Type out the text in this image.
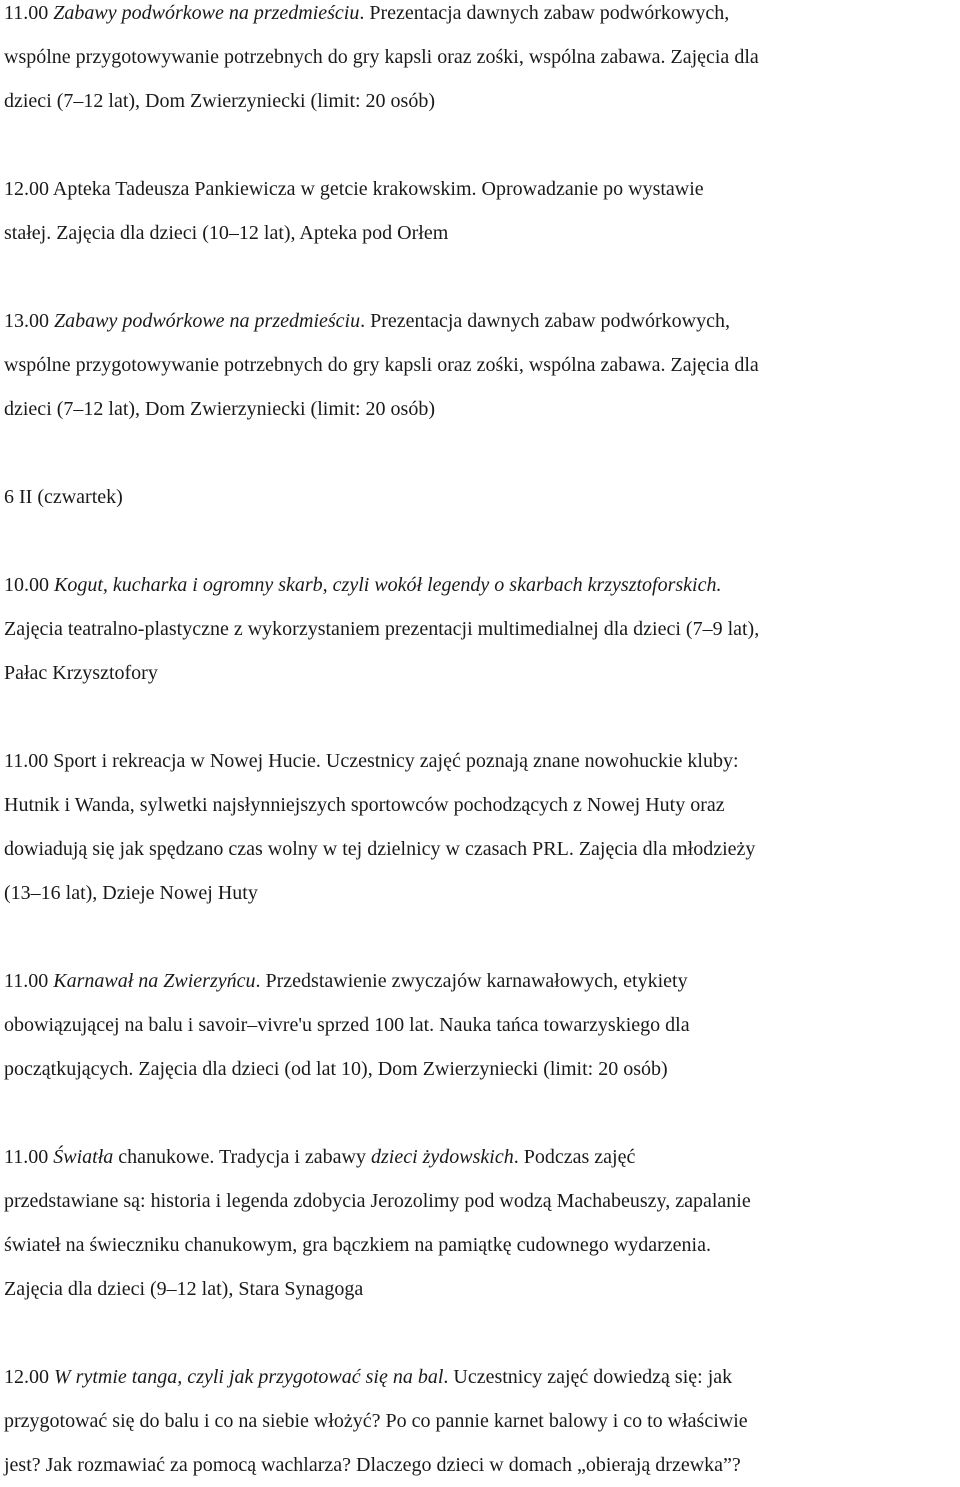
11.00 Zabawy podwórkowe na przedmieściu. Prezentacja dawnych zabaw podwórkowych,
wspólne przygotowywanie potrzebnych do gry kapsli oraz zośki, wspólna zabawa. Zajęcia dla
dzieci (7–12 lat), Dom Zwierzyniecki (limit: 20 osób)
12.00 Apteka Tadeusza Pankiewicza w getcie krakowskim. Oprowadzanie po wystawie
stałej. Zajęcia dla dzieci (10–12 lat), Apteka pod Orłem
13.00 Zabawy podwórkowe na przedmieściu. Prezentacja dawnych zabaw podwórkowych,
wspólne przygotowywanie potrzebnych do gry kapsli oraz zośki, wspólna zabawa. Zajęcia dla
dzieci (7–12 lat), Dom Zwierzyniecki (limit: 20 osób)
6 II (czwartek)
10.00 Kogut, kucharka i ogromny skarb, czyli wokół legendy o skarbach krzysztoforskich.
Zajęcia teatralno-plastyczne z wykorzystaniem prezentacji multimedialnej dla dzieci (7–9 lat),
Pałac Krzysztofory
11.00 Sport i rekreacja w Nowej Hucie. Uczestnicy zajęć poznają znane nowohuckie kluby:
Hutnik i Wanda, sylwetki najsłynniejszych sportowców pochodzących z Nowej Huty oraz
dowiadują się jak spędzano czas wolny w tej dzielnicy w czasach PRL. Zajęcia dla młodzieży
(13–16 lat), Dzieje Nowej Huty
11.00 Karnawał na Zwierzyńcu. Przedstawienie zwyczajów karnawałowych, etykiety
obowiązującej na balu i savoir–vivre'u sprzed 100 lat. Nauka tańca towarzyskiego dla
początkujących. Zajęcia dla dzieci (od lat 10), Dom Zwierzyniecki (limit: 20 osób)
11.00 Światła chanukowe. Tradycja i zabawy dzieci żydowskich. Podczas zajęć
przedstawiane są: historia i legenda zdobycia Jerozolimy pod wodzą Machabeuszy, zapalanie
świateł na świeczniku chanukowym, gra bączkiem na pamiątkę cudownego wydarzenia.
Zajęcia dla dzieci (9–12 lat), Stara Synagoga
12.00 W rytmie tanga, czyli jak przygotować się na bal. Uczestnicy zajęć dowiedzą się: jak
przygotować się do balu i co na siebie włożyć? Po co pannie karnet balowy i co to właściwie
jest? Jak rozmawiać za pomocą wachlarza? Dlaczego dzieci w domach „obierają drzewka”?
